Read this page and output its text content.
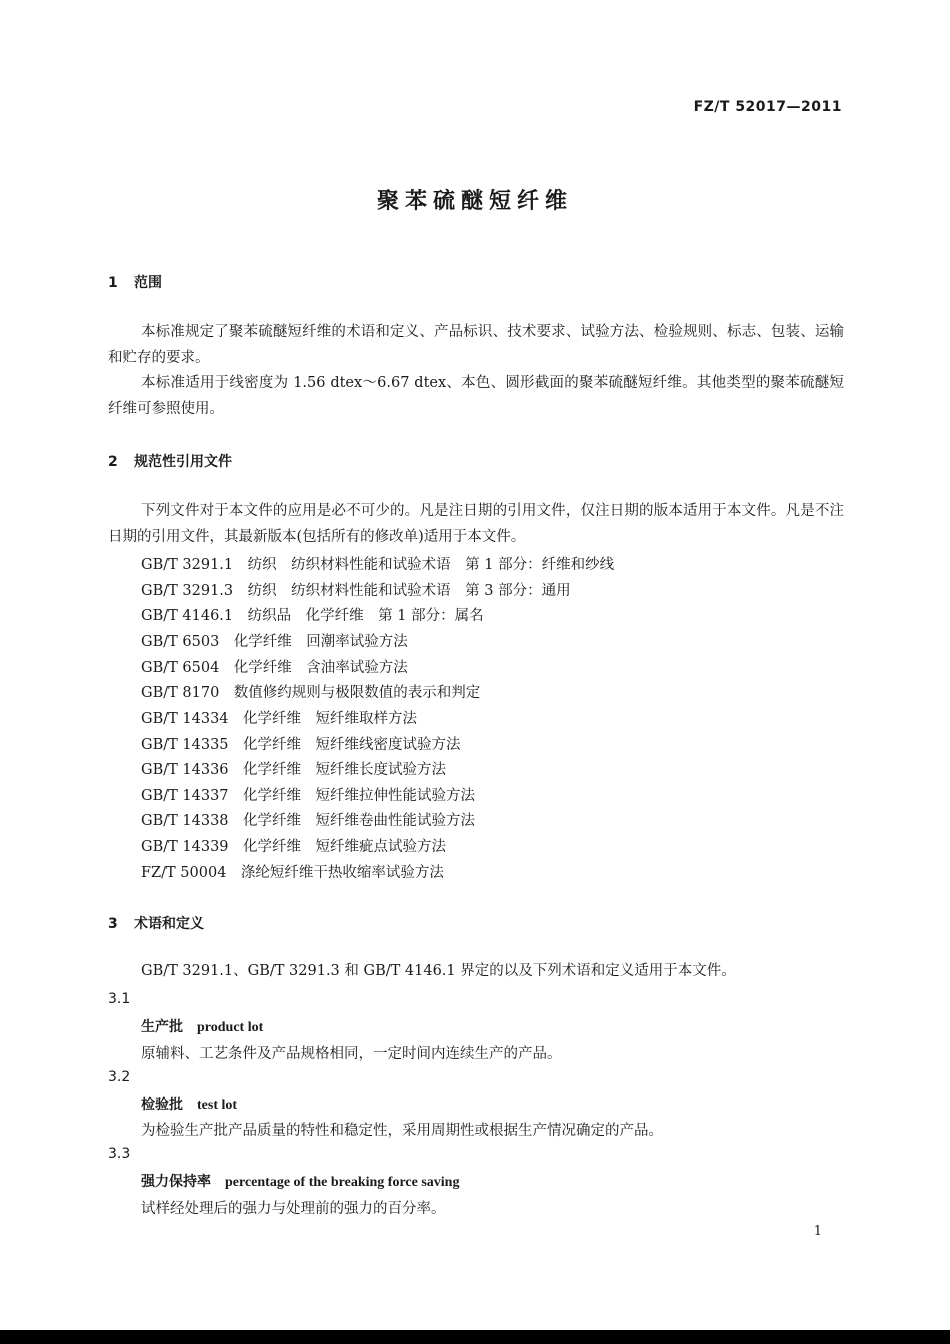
FZ/T 52017—2011
聚苯硫醚短纤维
1 范围
本标准规定了聚苯硫醚短纤维的术语和定义、产品标识、技术要求、试验方法、检验规则、标志、包装、运输和贮存的要求。
本标准适用于线密度为 1.56 dtex～6.67 dtex、本色、圆形截面的聚苯硫醚短纤维。其他类型的聚苯硫醚短纤维可参照使用。
2 规范性引用文件
下列文件对于本文件的应用是必不可少的。凡是注日期的引用文件，仅注日期的版本适用于本文件。凡是不注日期的引用文件，其最新版本(包括所有的修改单)适用于本文件。
GB/T 3291.1　纺织　纺织材料性能和试验术语　第 1 部分：纤维和纱线
GB/T 3291.3　纺织　纺织材料性能和试验术语　第 3 部分：通用
GB/T 4146.1　纺织品　化学纤维　第 1 部分：属名
GB/T 6503　化学纤维　回潮率试验方法
GB/T 6504　化学纤维　含油率试验方法
GB/T 8170　数值修约规则与极限数值的表示和判定
GB/T 14334　化学纤维　短纤维取样方法
GB/T 14335　化学纤维　短纤维线密度试验方法
GB/T 14336　化学纤维　短纤维长度试验方法
GB/T 14337　化学纤维　短纤维拉伸性能试验方法
GB/T 14338　化学纤维　短纤维卷曲性能试验方法
GB/T 14339　化学纤维　短纤维疵点试验方法
FZ/T 50004　涤纶短纤维干热收缩率试验方法
3 术语和定义
GB/T 3291.1、GB/T 3291.3 和 GB/T 4146.1 界定的以及下列术语和定义适用于本文件。
3.1
生产批 product lot
原辅料、工艺条件及产品规格相同，一定时间内连续生产的产品。
3.2
检验批 test lot
为检验生产批产品质量的特性和稳定性，采用周期性或根据生产情况确定的产品。
3.3
强力保持率 percentage of the breaking force saving
试样经处理后的强力与处理前的强力的百分率。
1
